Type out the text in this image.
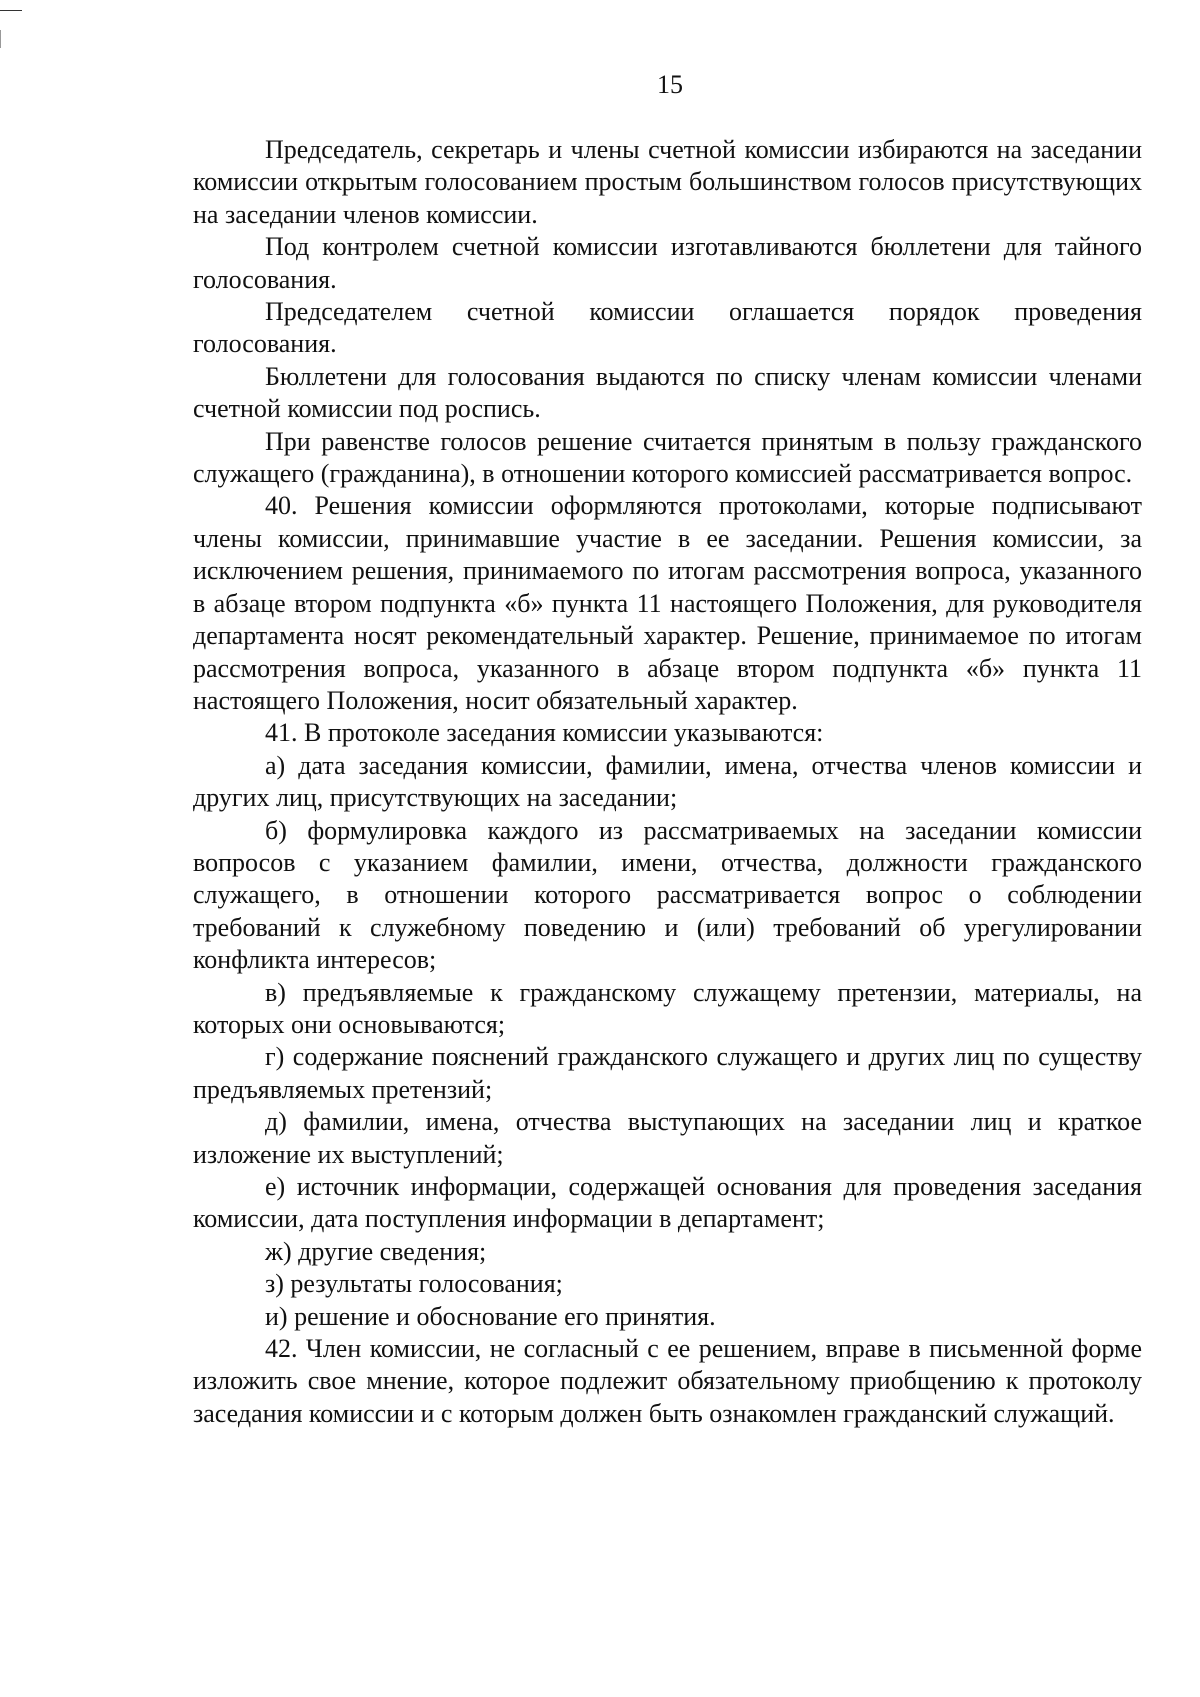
15

Председатель, секретарь и члены счетной комиссии избираются на заседании комиссии открытым голосованием простым большинством голосов присутствующих на заседании членов комиссии.

Под контролем счетной комиссии изготавливаются бюллетени для тайного голосования.

Председателем счетной комиссии оглашается порядок проведения голосования.

Бюллетени для голосования выдаются по списку членам комиссии членами счетной комиссии под роспись.

При равенстве голосов решение считается принятым в пользу гражданского служащего (гражданина), в отношении которого комиссией рассматривается вопрос.

40. Решения комиссии оформляются протоколами, которые подписывают члены комиссии, принимавшие участие в ее заседании. Решения комиссии, за исключением решения, принимаемого по итогам рассмотрения вопроса, указанного в абзаце втором подпункта «б» пункта 11 настоящего Положения, для руководителя департамента носят рекомендательный характер. Решение, принимаемое по итогам рассмотрения вопроса, указанного в абзаце втором подпункта «б» пункта 11 настоящего Положения, носит обязательный характер.

41. В протоколе заседания комиссии указываются:

а) дата заседания комиссии, фамилии, имена, отчества членов комиссии и других лиц, присутствующих на заседании;

б) формулировка каждого из рассматриваемых на заседании комиссии вопросов с указанием фамилии, имени, отчества, должности гражданского служащего, в отношении которого рассматривается вопрос о соблюдении требований к служебному поведению и (или) требований об урегулировании конфликта интересов;

в) предъявляемые к гражданскому служащему претензии, материалы, на которых они основываются;

г) содержание пояснений гражданского служащего и других лиц по существу предъявляемых претензий;

д) фамилии, имена, отчества выступающих на заседании лиц и краткое изложение их выступлений;

е) источник информации, содержащей основания для проведения заседания комиссии, дата поступления информации в департамент;

ж) другие сведения;

з) результаты голосования;

и) решение и обоснование его принятия.

42. Член комиссии, не согласный с ее решением, вправе в письменной форме изложить свое мнение, которое подлежит обязательному приобщению к протоколу заседания комиссии и с которым должен быть ознакомлен гражданский служащий.
